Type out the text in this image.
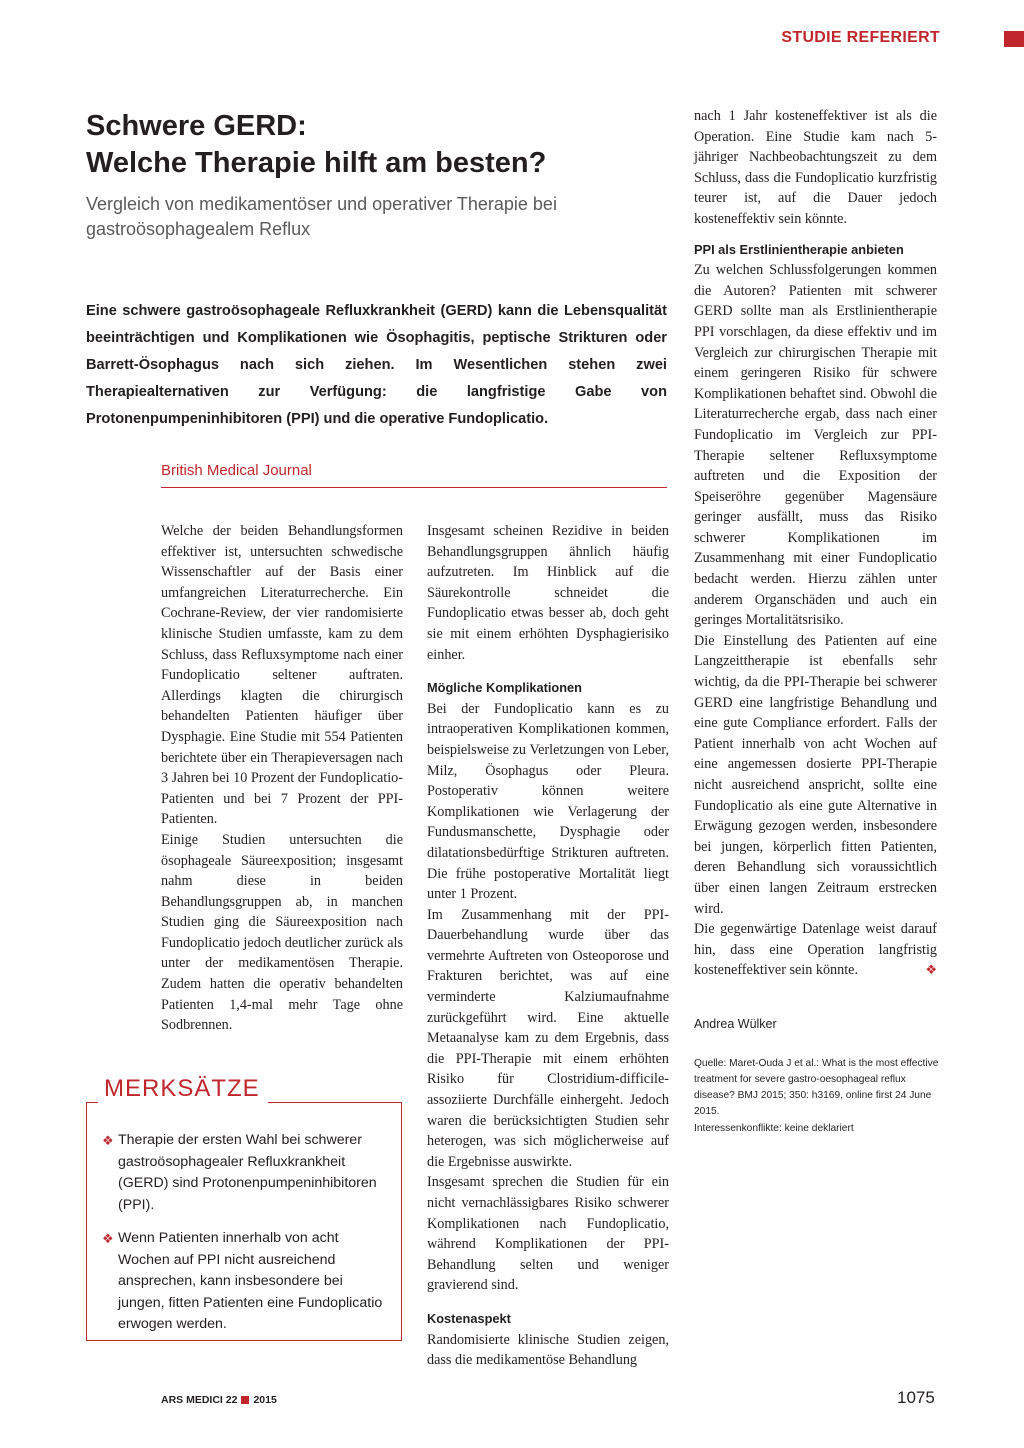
STUDIE REFERIERT
Schwere GERD:
Welche Therapie hilft am besten?
Vergleich von medikamentöser und operativer Therapie bei gastroösophagealem Reflux
Eine schwere gastroösophageale Refluxkrankheit (GERD) kann die Lebensqualität beeinträchtigen und Komplikationen wie Ösophagitis, peptische Strikturen oder Barrett-Ösophagus nach sich ziehen. Im Wesentlichen stehen zwei Therapiealternativen zur Verfügung: die langfristige Gabe von Protonenpumpeninhibitoren (PPI) und die operative Fundoplicatio.
British Medical Journal

Welche der beiden Behandlungsformen effektiver ist, untersuchten schwedische Wissenschaftler auf der Basis einer umfangreichen Literaturrecherche. Ein Cochrane-Review, der vier randomisierte klinische Studien umfasste, kam zu dem Schluss, dass Refluxsymptome nach einer Fundoplicatio seltener auftraten. Allerdings klagten die chirurgisch behandelten Patienten häufiger über Dysphagie. Eine Studie mit 554 Patienten berichtete über ein Therapieversagen nach 3 Jahren bei 10 Prozent der Fundoplicatio-Patienten und bei 7 Prozent der PPI-Patienten.

Einige Studien untersuchten die ösophageale Säureexposition; insgesamt nahm diese in beiden Behandlungsgruppen ab, in manchen Studien ging die Säureexposition nach Fundoplicatio jedoch deutlicher zurück als unter der medikamentösen Therapie. Zudem hatten die operativ behandelten Patienten 1,4-mal mehr Tage ohne Sodbrennen.

Insgesamt scheinen Rezidive in beiden Behandlungsgruppen ähnlich häufig aufzutreten. Im Hinblick auf die Säurekontrolle schneidet die Fundoplicatio etwas besser ab, doch geht sie mit einem erhöhten Dysphagierisiko einher.

Mögliche Komplikationen

Bei der Fundoplicatio kann es zu intraoperativen Komplikationen kommen, beispielsweise zu Verletzungen von Leber, Milz, Ösophagus oder Pleura. Postoperativ können weitere Komplikationen wie Verlagerung der Fundusmanschette, Dysphagie oder dilatationsbedürftige Strikturen auftreten. Die frühe postoperative Mortalität liegt unter 1 Prozent.

Im Zusammenhang mit der PPI-Dauerbehandlung wurde über das vermehrte Auftreten von Osteoporose und Frakturen berichtet, was auf eine verminderte Kalziumaufnahme zurückgeführt wird. Eine aktuelle Metaanalyse kam zu dem Ergebnis, dass die PPI-Therapie mit einem erhöhten Risiko für Clostridium-difficile-assoziierte Durchfälle einhergeht. Jedoch waren die berücksichtigten Studien sehr heterogen, was sich möglicherweise auf die Ergebnisse auswirkte.

Insgesamt sprechen die Studien für ein nicht vernachlässigbares Risiko schwerer Komplikationen nach Fundoplicatio, während Komplikationen der PPI-Behandlung selten und weniger gravierend sind.

Kostenaspekt

Randomisierte klinische Studien zeigen, dass die medikamentöse Behandlung

nach 1 Jahr kosteneffektiver ist als die Operation. Eine Studie kam nach 5-jähriger Nachbeobachtungszeit zu dem Schluss, dass die Fundoplicatio kurzfristig teurer ist, auf die Dauer jedoch kosteneffektiv sein könnte.

PPI als Erstlinientherapie anbieten

Zu welchen Schlussfolgerungen kommen die Autoren? Patienten mit schwerer GERD sollte man als Erstlinientherapie PPI vorschlagen, da diese effektiv und im Vergleich zur chirurgischen Therapie mit einem geringeren Risiko für schwere Komplikationen behaftet sind. Obwohl die Literaturrecherche ergab, dass nach einer Fundoplicatio im Vergleich zur PPI-Therapie seltener Refluxsymptome auftreten und die Exposition der Speiseröhre gegenüber Magensäure geringer ausfällt, muss das Risiko schwerer Komplikationen im Zusammenhang mit einer Fundoplicatio bedacht werden. Hierzu zählen unter anderem Organschäden und auch ein geringes Mortalitätsrisiko.

Die Einstellung des Patienten auf eine Langzeittherapie ist ebenfalls sehr wichtig, da die PPI-Therapie bei schwerer GERD eine langfristige Behandlung und eine gute Compliance erfordert. Falls der Patient innerhalb von acht Wochen auf eine angemessen dosierte PPI-Therapie nicht ausreichend anspricht, sollte eine Fundoplicatio als eine gute Alternative in Erwägung gezogen werden, insbesondere bei jungen, körperlich fitten Patienten, deren Behandlung sich voraussichtlich über einen langen Zeitraum erstrecken wird.

Die gegenwärtige Datenlage weist darauf hin, dass eine Operation langfristig kosteneffektiver sein könnte.	❖

MERKSÄTZE
❖ Therapie der ersten Wahl bei schwerer gastroösophagealer Refluxkrankheit (GERD) sind Protonenpumpeninhibitoren (PPI).
❖ Wenn Patienten innerhalb von acht Wochen auf PPI nicht ausreichend ansprechen, kann insbesondere bei jungen, fitten Patienten eine Fundoplicatio erwogen werden.
Andrea Wülker
Quelle: Maret-Ouda J et al.: What is the most effective treatment for severe gastro-oesophageal reflux disease? BMJ 2015; 350: h3169, online first 24 June 2015.
Interessenkonflikte: keine deklariert
ARS MEDICI 22 2015	1075
